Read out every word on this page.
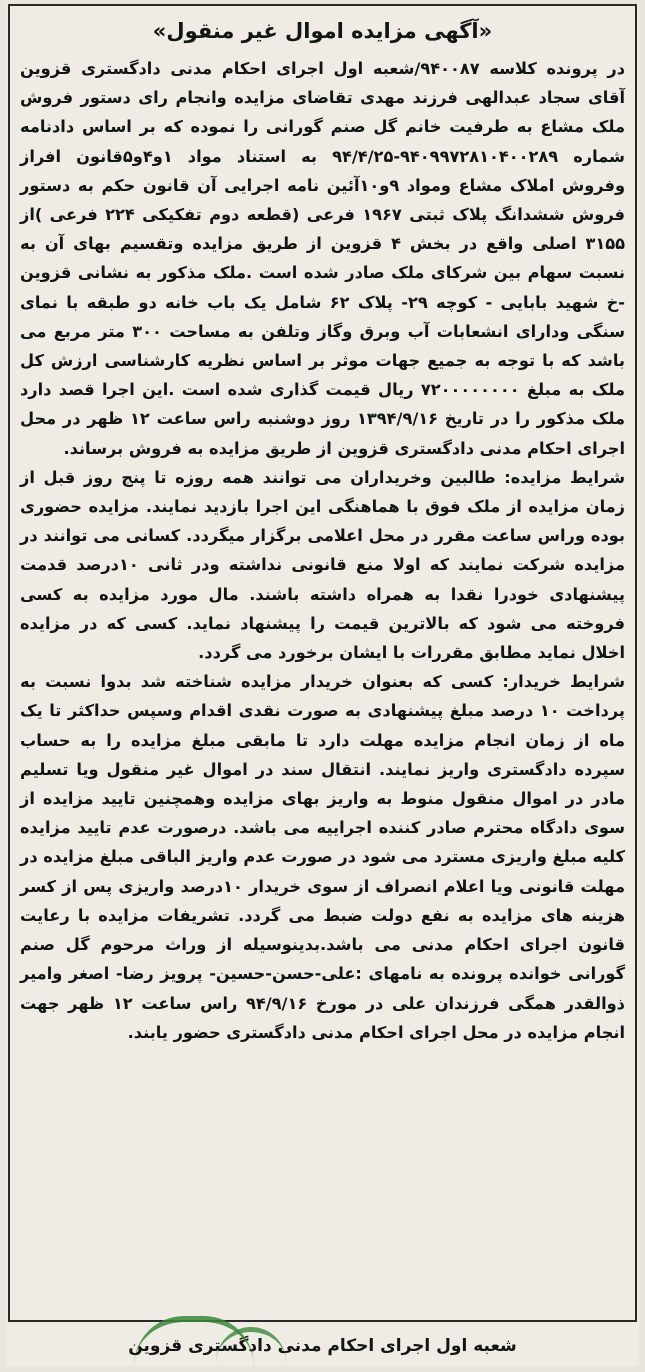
«آگهی مزایده اموال غیر منقول»

در پرونده کلاسه ۹۴۰۰۸۷/شعبه اول اجرای احکام مدنی دادگستری قزوین آقای سجاد عبدالهی فرزند مهدی تقاضای مزایده وانجام رای دستور فروش ملک مشاع به طرفیت خانم گل صنم گورانی را نموده که بر اساس دادنامه شماره ۹۴۰۹۹۷۲۸۱۰۴۰۰۲۸۹-۹۴/۴/۲۵ به استناد مواد ۱و۴و۵قانون افراز وفروش املاک مشاع ومواد ۹و۱۰آئین نامه اجرایی آن قانون حکم به دستور فروش ششدانگ پلاک ثبتی ۱۹۶۷ فرعی (قطعه دوم تفکیکی ۲۲۴ فرعی )از ۳۱۵۵ اصلی واقع در بخش ۴ قزوین از طریق مزایده وتقسیم بهای آن به نسبت سهام بین شرکای ملک صادر شده است .ملک مذکور به نشانی قزوین -خ شهید بابایی - کوچه ۲۹- پلاک ۶۲ شامل یک باب خانه دو طبقه با نمای سنگی ودارای انشعابات آب وبرق وگاز وتلفن به مساحت ۳۰۰ متر مربع می باشد که با توجه به جمیع جهات موثر بر اساس نظریه کارشناسی ارزش کل ملک به مبلغ ۷۲۰۰۰۰۰۰۰۰ ریال قیمت گذاری شده است .این اجرا قصد دارد ملک مذکور را در تاریخ ۱۳۹۴/۹/۱۶ روز دوشنبه راس ساعت ۱۲ ظهر در محل اجرای احکام مدنی دادگستری قزوین از طریق مزایده به فروش برساند.

شرایط مزایده: طالبین وخریداران می توانند همه روزه تا پنج روز قبل از زمان مزایده از ملک فوق با هماهنگی این اجرا بازدید نمایند. مزایده حضوری بوده وراس ساعت مقرر در محل اعلامی برگزار میگردد. کسانی می توانند در مزایده شرکت نمایند که اولا منع قانونی نداشته ودر ثانی ۱۰درصد قدمت پیشنهادی خودرا نقدا به همراه داشته باشند. مال مورد مزایده به کسی فروخته می شود که بالاترین قیمت را پیشنهاد نماید. کسی که در مزایده اخلال نماید مطابق مقررات با ایشان برخورد می گردد.

شرایط خریدار: کسی که بعنوان خریدار مزایده شناخته شد بدوا نسبت به پرداخت ۱۰ درصد مبلغ پیشنهادی به صورت نقدی اقدام وسپس حداکثر تا یک ماه از زمان انجام مزایده مهلت دارد تا مابقی مبلغ مزایده را به حساب سپرده دادگستری واریز نمایند. انتقال سند در اموال غیر منقول ویا تسلیم مادر در اموال منقول منوط به واریز بهای مزایده وهمچنین تایید مزایده از سوی دادگاه محترم صادر کننده اجراییه می باشد. درصورت عدم تایید مزایده کلیه مبلغ واریزی مسترد می شود در صورت عدم واریز الباقی مبلغ مزایده در مهلت قانونی ویا اعلام انصراف از سوی خریدار ۱۰درصد واریزی پس از کسر هزینه های مزایده به نفع دولت ضبط می گردد. تشریفات مزایده با رعایت قانون اجرای احکام مدنی می باشد.بدینوسیله از وراث مرحوم گل صنم گورانی خوانده پرونده به نامهای :علی-حسن-حسین- پرویز رضا- اصغر وامیر ذوالقدر همگی فرزندان علی در مورخ ۹۴/۹/۱۶ راس ساعت ۱۲ ظهر جهت انجام مزایده در محل اجرای احکام مدنی دادگستری حضور یابند.

شعبه اول اجرای احکام مدنی دادگستری قزوین
